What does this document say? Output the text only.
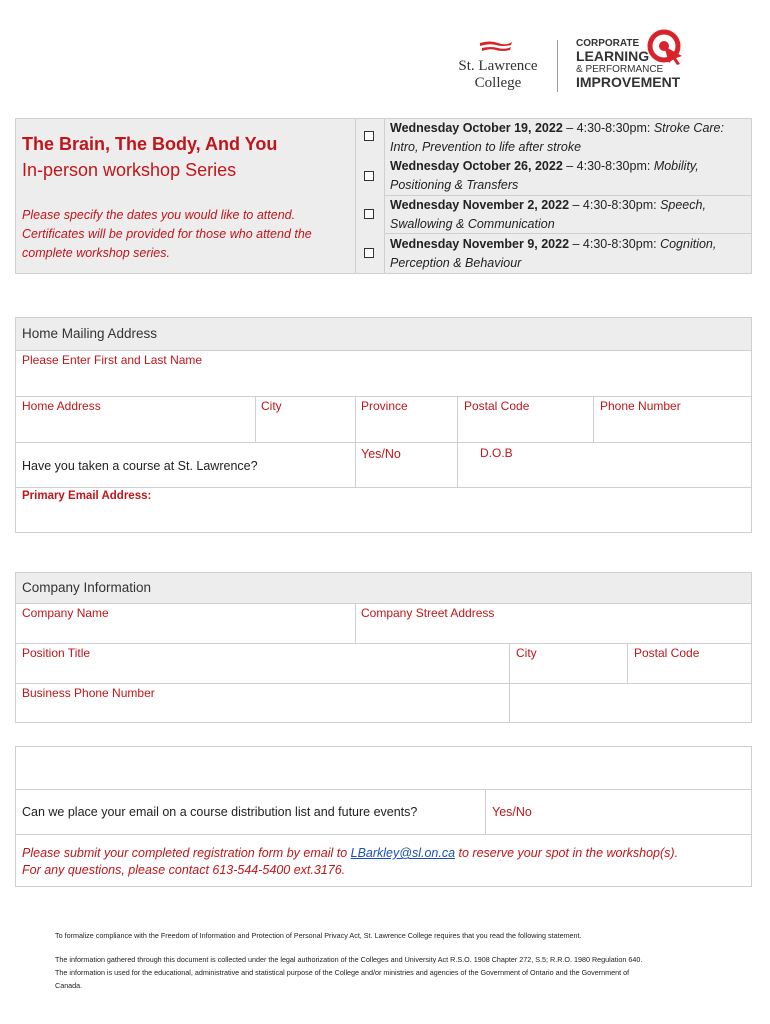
St. Lawrence
College
CORPORATE
LEARNING
& PERFORMANCE
IMPROVEMENT
The Brain, The Body, And You
In-person workshop Series
Please specify the dates you would like to attend. Certificates will be provided for those who attend the complete workshop series.
Wednesday October 19, 2022 – 4:30-8:30pm: Stroke Care: Intro, Prevention to life after stroke
Wednesday October 26, 2022 – 4:30-8:30pm: Mobility, Positioning & Transfers
Wednesday November 2, 2022 – 4:30-8:30pm: Speech, Swallowing & Communication
Wednesday November 9, 2022 – 4:30-8:30pm: Cognition, Perception & Behaviour
Home Mailing Address
Please Enter First and Last Name
Home Address	City	Province	Postal Code	Phone Number
Have you taken a course at St. Lawrence?
Yes/No	D.O.B
Primary Email Address:
Company Information
Company Name	Company Street Address
Position Title	City	Postal Code
Business Phone Number
Can we place your email on a course distribution list and future events?	Yes/No
Please submit your completed registration form by email to LBarkley@sl.on.ca to reserve your spot in the workshop(s).
For any questions, please contact 613-544-5400 ext.3176.
To formalize compliance with the Freedom of Information and Protection of Personal Privacy Act, St. Lawrence College requires that you read the following statement.
The information gathered through this document is collected under the legal authorization of the Colleges and University Act R.S.O. 1908 Chapter 272, S.5; R.R.O. 1980 Regulation 640.
The information is used for the educational, administrative and statistical purpose of the College and/or ministries and agencies of the Government of Ontario and the Government of
Canada.
